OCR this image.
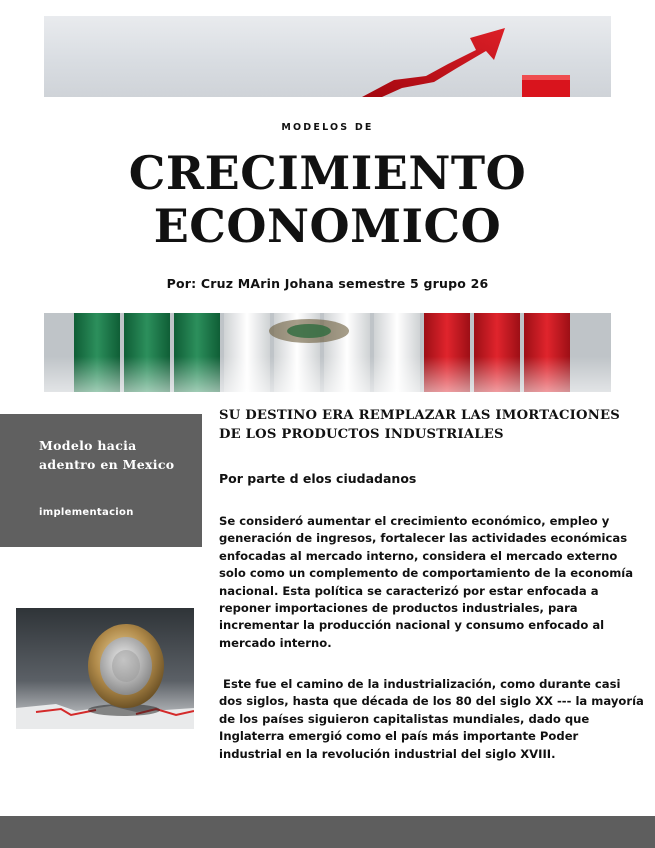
MODELOS DE
CRECIMIENTO
ECONOMICO
Por: Cruz MArin Johana semestre 5 grupo 26
Modelo hacia adentro en Mexico
implementacion
SU DESTINO ERA REMPLAZAR LAS IMORTACIONES DE LOS PRODUCTOS INDUSTRIALES
Por parte d elos ciudadanos
Se consideró aumentar el crecimiento económico, empleo y generación de ingresos, fortalecer las actividades económicas enfocadas al mercado interno, considera el mercado externo solo como un complemento de comportamiento de la economía nacional. Esta política se caracterizó por estar enfocada a reponer importaciones de productos industriales, para incrementar la producción nacional y consumo enfocado al mercado interno.
Este fue el camino de la industrialización, como durante casi dos siglos, hasta que década de los 80 del siglo XX --- la mayoría de los países siguieron capitalistas mundiales, dado que Inglaterra emergió como el país más importante Poder industrial en la revolución industrial del siglo XVIII.
